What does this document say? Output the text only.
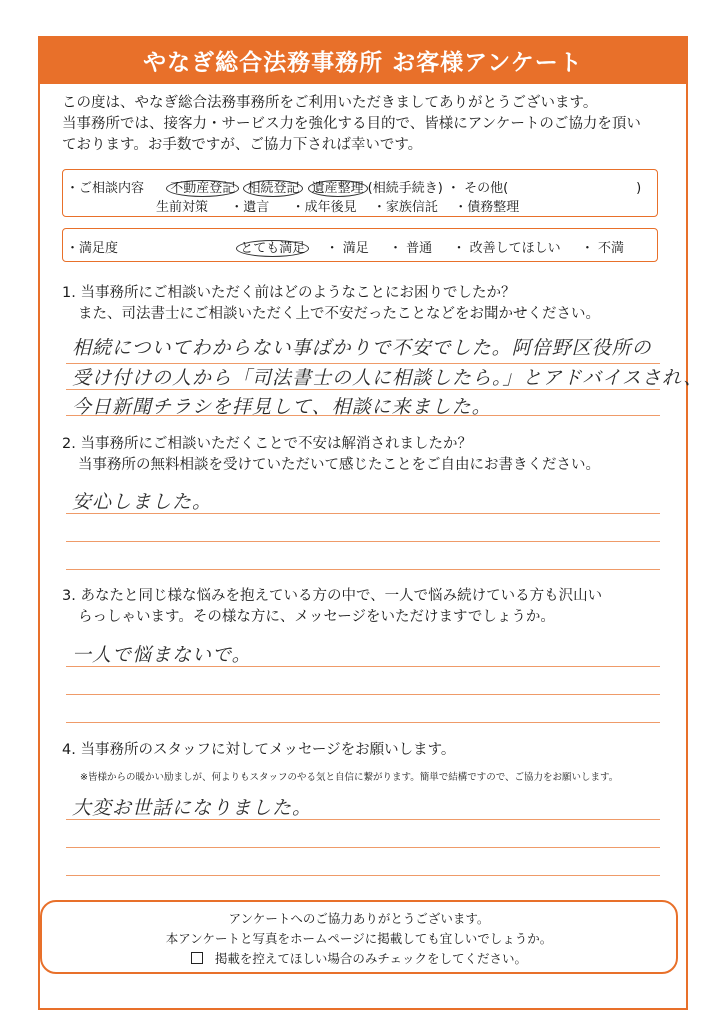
やなぎ総合法務事務所 お客様アンケート
この度は、やなぎ総合法務事務所をご利用いただきましてありがとうございます。
当事務所では、接客力・サービス力を強化する目的で、皆様にアンケートのご協力を頂い
ております。お手数ですが、ご協力下されば幸いです。
・ご相談内容 不動産登記 相続登記 遺産整理 (相続手続き) ・ その他(	)
生前対策 ・遺言 ・成年後見 ・家族信託 ・債務整理
・満足度	とても満足 ・ 満足 ・ 普通 ・ 改善してほしい ・ 不満
1. 当事務所にご相談いただく前はどのようなことにお困りでしたか？
また、司法書士にご相談いただく上で不安だったことなどをお聞かせください。
相続についてわからない事ばかりで不安でした。阿倍野区役所の
受け付けの人から「司法書士の人に相談したら。」とアドバイスされ、
今日新聞チラシを拝見して、相談に来ました。
2. 当事務所にご相談いただくことで不安は解消されましたか？
当事務所の無料相談を受けていただいて感じたことをご自由にお書きください。
安心しました。
3. あなたと同じ様な悩みを抱えている方の中で、一人で悩み続けている方も沢山い
らっしゃいます。その様な方に、メッセージをいただけますでしょうか。
一人で悩まないで。
4. 当事務所のスタッフに対してメッセージをお願いします。
※皆様からの暖かい励ましが、何よりもスタッフのやる気と自信に繋がります。簡単で結構ですので、ご協力をお願いします。
大変お世話になりました。
アンケートへのご協力ありがとうございます。
本アンケートと写真をホームページに掲載しても宜しいでしょうか。
掲載を控えてほしい場合のみチェックをしてください。
